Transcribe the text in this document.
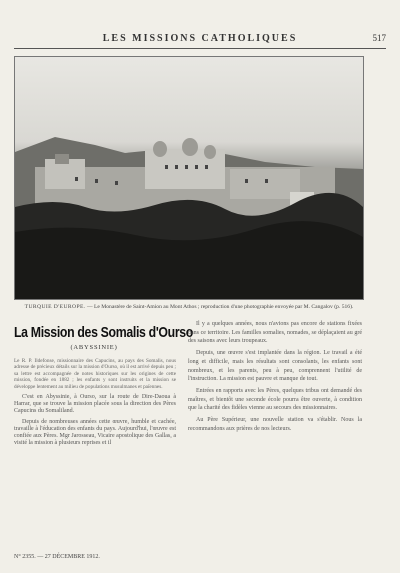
LES MISSIONS CATHOLIQUES	517
TURQUIE D'EUROPE. — Le Monastère de Saint-Amion au Mont Athos ; reproduction d'une photographie envoyée par M. Cangalov (p. 516).
La Mission des Somalis d'Ourso
(ABYSSINIE)
Le R. P. Ildefonse, missionnaire des Capucins, au pays des Somalis, nous adresse de précieux détails sur la mission d'Ourso, où il est arrivé depuis peu ; sa lettre est accompagnée de notes historiques sur les origines de cette mission, fondée en 1882 ; les enfants y sont instruits et la mission se développe lentement au milieu de populations musulmanes et païennes.

C'est en Abyssinie, à Ourso, sur la route de Dire-Daoua à Harrar, que se trouve la mission placée sous la direction des Pères Capucins du Somaliland.

Depuis de nombreuses années cette œuvre, humble et cachée, travaille à l'éducation des enfants du pays. Aujourd'hui, l'œuvre est confiée aux Pères. Mgr Jarosseau, Vicaire apostolique des Gallas, a visité la mission à plusieurs reprises et il

Il y a quelques années, nous n'avions pas encore de stations fixées dans ce territoire. Les familles somalies, nomades, se déplaçaient au gré des saisons avec leurs troupeaux.

Depuis, une œuvre s'est implantée dans la région. Le travail a été long et difficile, mais les résultats sont consolants, les enfants sont nombreux, et les parents, peu à peu, comprennent l'utilité de l'instruction. La mission est pauvre et manque de tout.

Entrées en rapports avec les Pères, quelques tribus ont demandé des maîtres, et bientôt une seconde école pourra être ouverte, à condition que la charité des fidèles vienne au secours des missionnaires.

Au Père Supérieur, une nouvelle station va s'établir. Nous la recommandons aux prières de nos lecteurs.

N° 2355. — 27 DÉCEMBRE 1912.
